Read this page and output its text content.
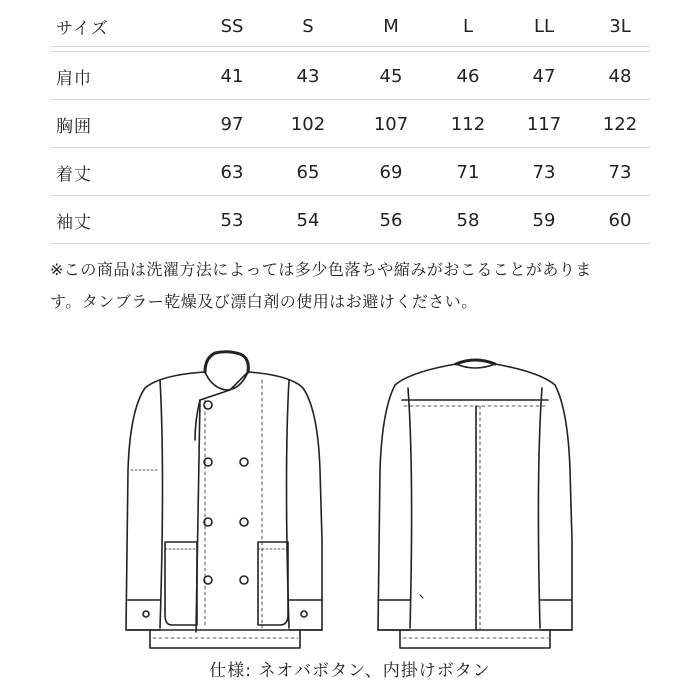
サイズ	SS	S	M	L	LL	3L
肩巾	41	43	45	46	47	48
胸囲	97	102	107	112	117	122
着丈	63	65	69	71	73	73
袖丈	53	54	56	58	59	60
※この商品は洗濯方法によっては多少色落ちや縮みがおこることがありま
す。タンブラー乾燥及び漂白剤の使用はお避けください。
仕様: ネオバボタン、内掛けボタン
